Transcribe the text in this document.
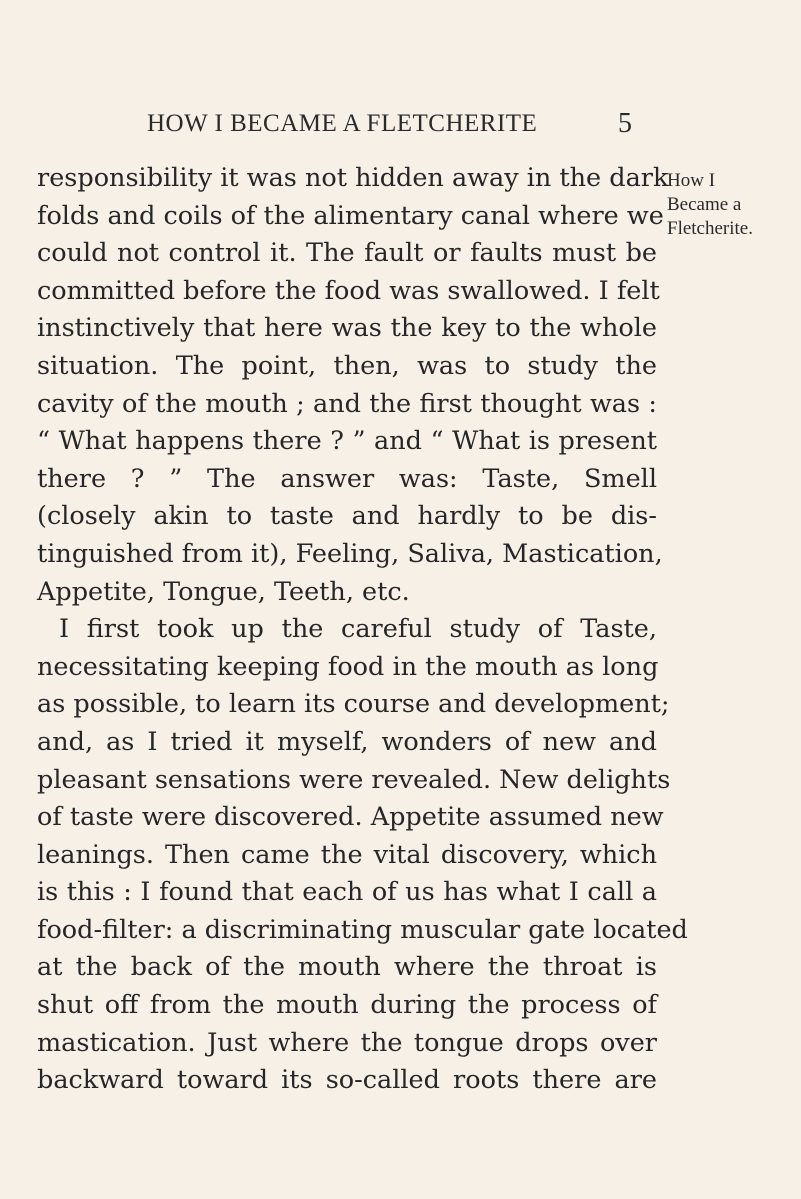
HOW I BECAME A FLETCHERITE	5
responsibility it was not hidden away in the dark
folds and coils of the alimentary canal where we
could not control it. The fault or faults must be
committed before the food was swallowed. I felt
instinctively that here was the key to the whole
situation. The point, then, was to study the
cavity of the mouth ; and the first thought was :
“ What happens there ? ” and “ What is present
there ? ” The answer was: Taste, Smell
(closely akin to taste and hardly to be dis-
tinguished from it), Feeling, Saliva, Mastication,
Appetite, Tongue, Teeth, etc.
I first took up the careful study of Taste,
necessitating keeping food in the mouth as long
as possible, to learn its course and development;
and, as I tried it myself, wonders of new and
pleasant sensations were revealed. New delights
of taste were discovered. Appetite assumed new
leanings. Then came the vital discovery, which
is this : I found that each of us has what I call a
food-filter: a discriminating muscular gate located
at the back of the mouth where the throat is
shut off from the mouth during the process of
mastication. Just where the tongue drops over
backward toward its so-called roots there are
How I
Became a
Fletcherite.
